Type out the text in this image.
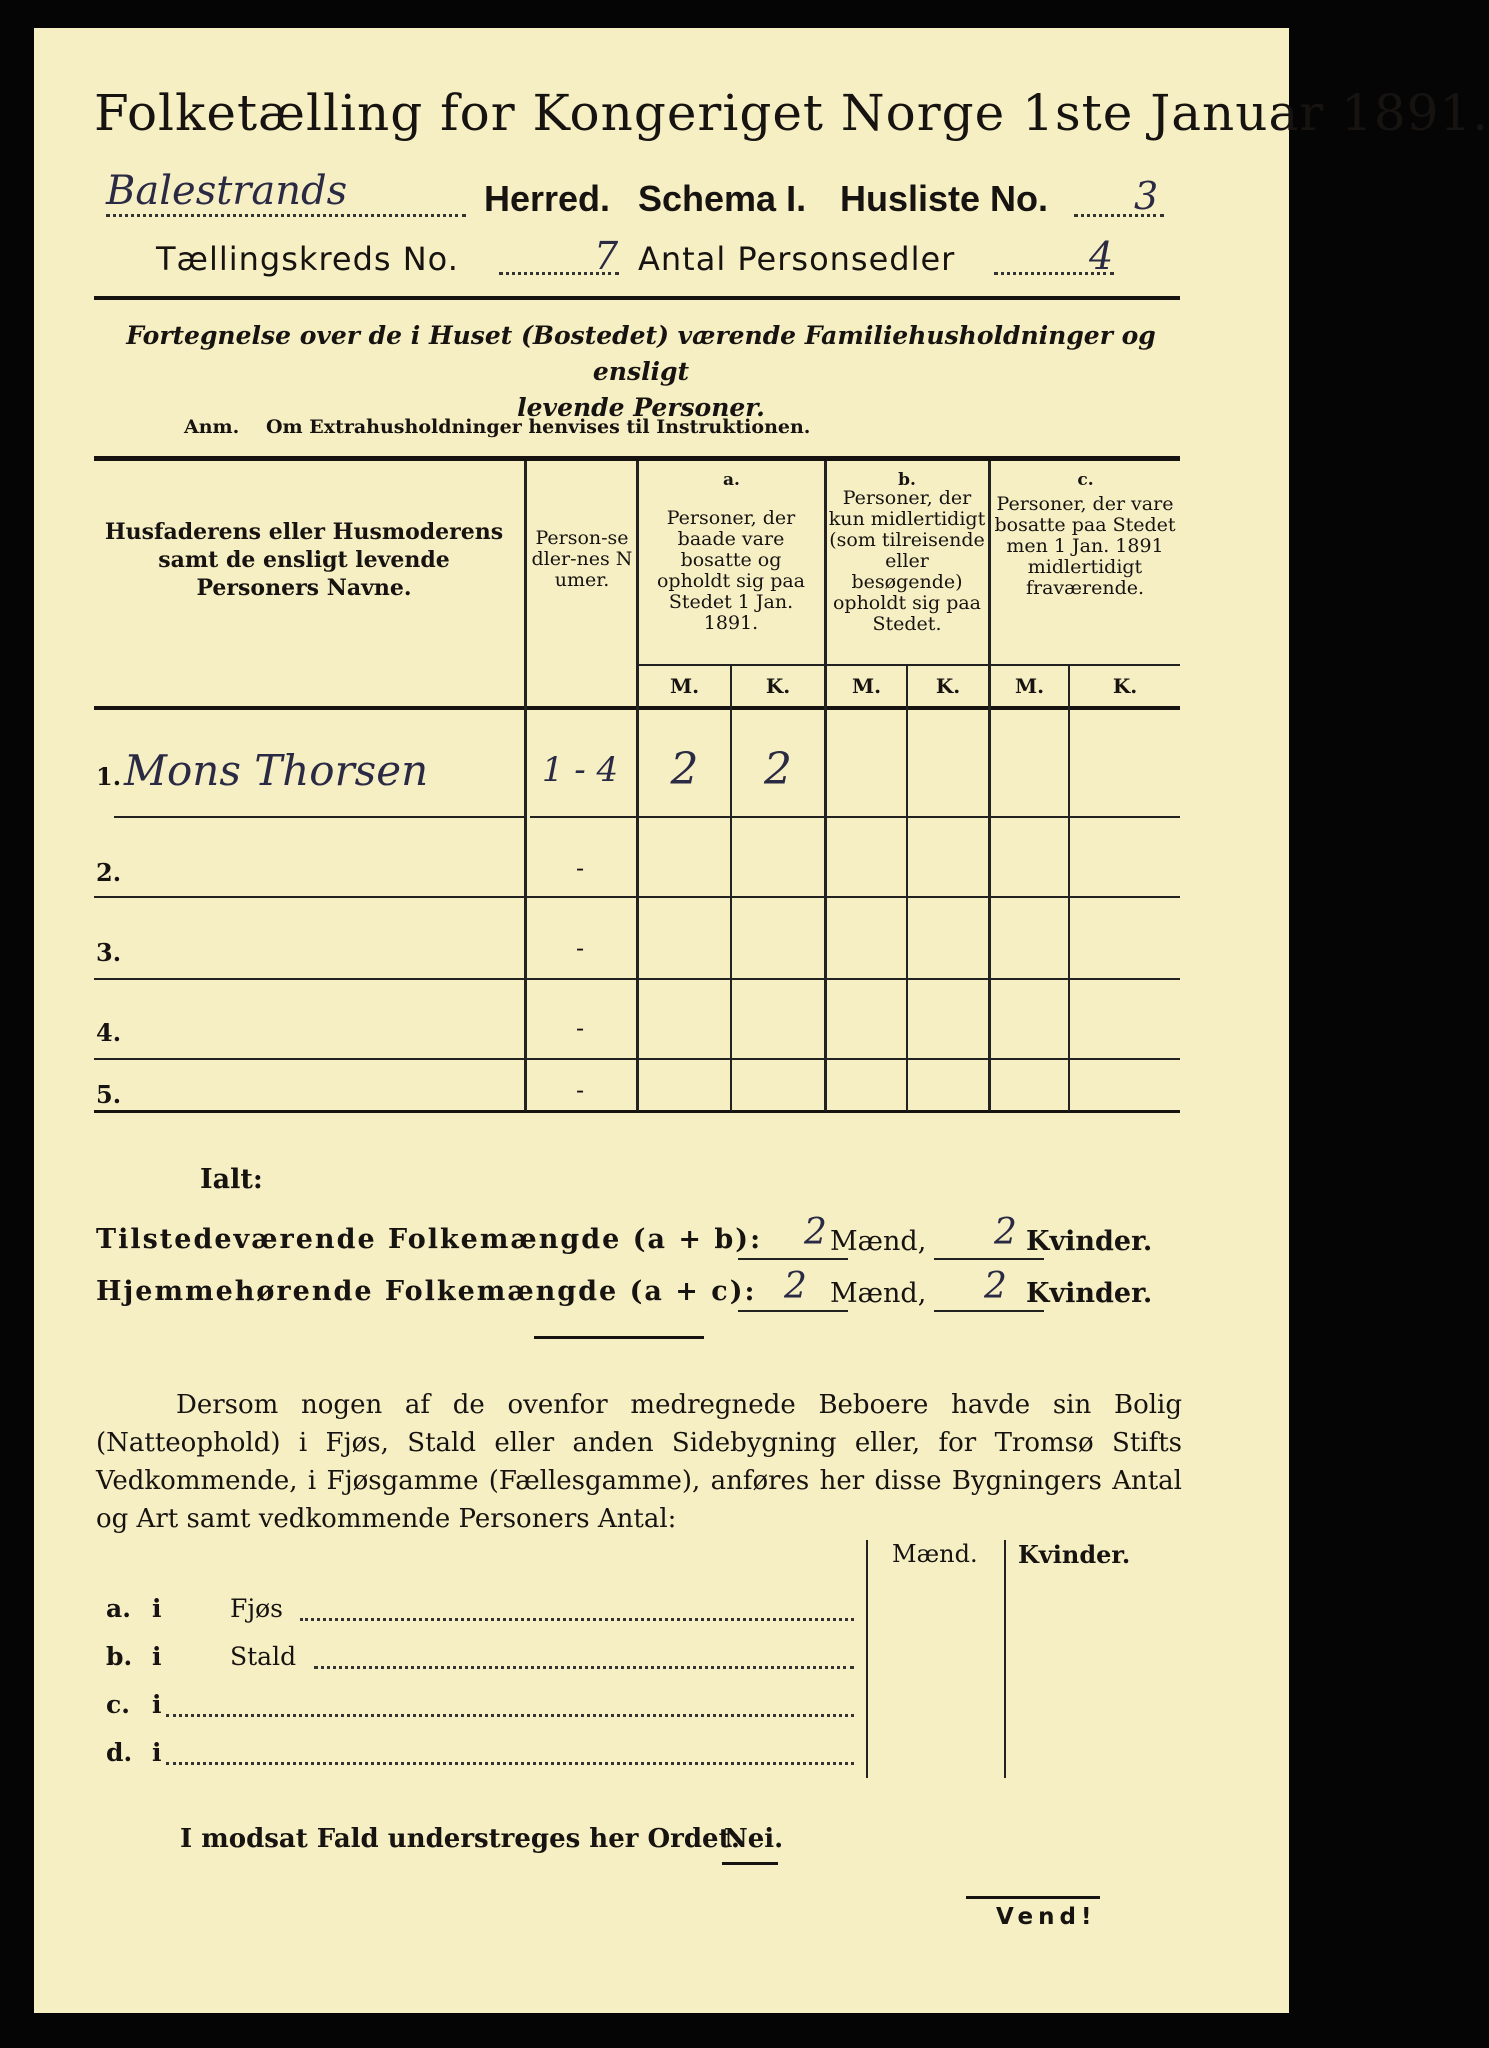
Folketælling for Kongeriget Norge 1ste Januar 1891.
Balestrands	Herred. Schema I. Husliste No. 3
Tællingskreds No.	7 Antal Personsedler	4
Fortegnelse over de i Huset (Bostedet) værende Familiehusholdninger og ensligt
levende Personer.
Anm. Om Extrahusholdninger henvises til Instruktionen.
Husfaderens eller Husmoderens samt de ensligt levende Personers Navne.
Person-sedler-nes Numer.
a.
Personer, der baade vare bosatte og opholdt sig paa Stedet 1 Jan. 1891.
b.
Personer, der kun midlertidigt (som tilreisende eller besøgende) opholdt sig paa Stedet.
c.
Personer, der vare bosatte paa Stedet men 1 Jan. 1891 midlertidigt fraværende.
M.	K.	M.	K.	M.	K.
1. Mons Thorsen	1 - 4	2	2
2.	-
3.	-
4.	-
5.	-
Ialt:
Tilstedeværende Folkemængde (a + b): 2 Mænd, 2 Kvinder.
Hjemmehørende Folkemængde (a + c): 2 Mænd, 2 Kvinder.
Dersom nogen af de ovenfor medregnede Beboere havde sin Bolig (Natteophold) i Fjøs, Stald eller anden Sidebygning eller, for Tromsø Stifts Vedkommende, i Fjøsgamme (Fællesgamme), anføres her disse Bygningers Antal og Art samt vedkommende Personers Antal:
Mænd. Kvinder.
a. i	Fjøs
b. i	Stald
c. i
d. i
I modsat Fald understreges her Ordet:
Nei.
Vend!
